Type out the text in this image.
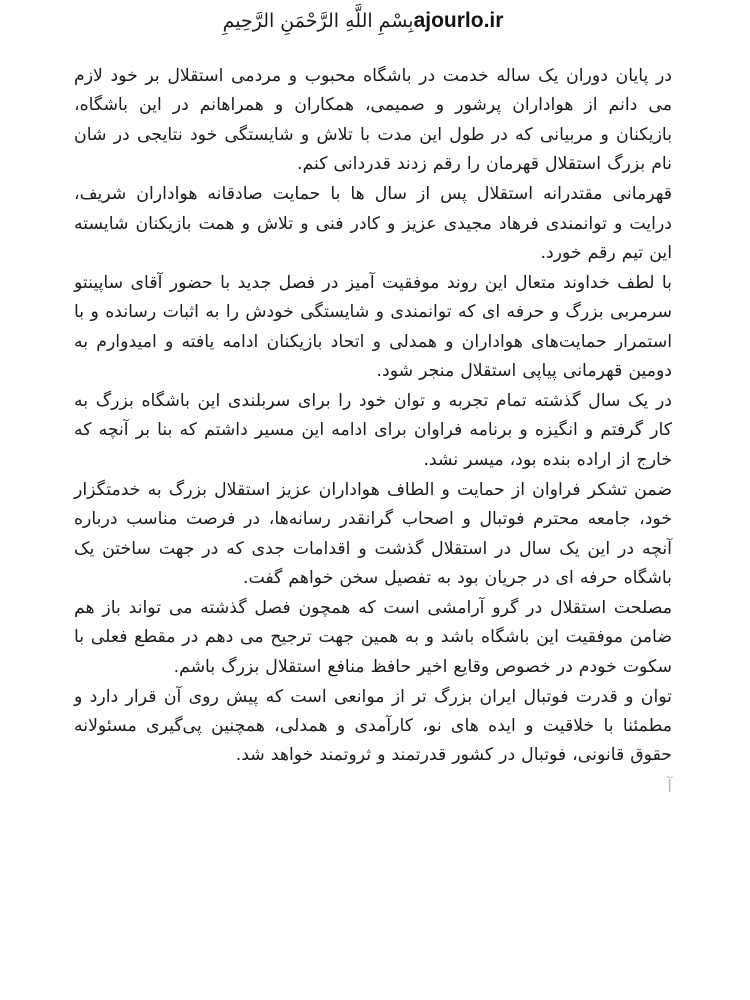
ajourlo.ir
بِسْمِ اللَّهِ الرَّحْمَنِ الرَّحِيمِ

در پایان دوران یک ساله خدمت در باشگاه محبوب و مردمی استقلال بر خود لازم می دانم از هواداران پرشور و صمیمی، همکاران و همراهانم در این باشگاه، بازیکنان و مربیانی که در طول این مدت با تلاش و شایستگی خود نتایجی در شان نام بزرگ استقلال قهرمان را رقم زدند قدردانی کنم.

قهرمانی مقتدرانه استقلال پس از سال ها با حمایت صادقانه هواداران شریف، درایت و توانمندی فرهاد مجیدی عزیز و کادر فنی و تلاش و همت بازیکنان شایسته این تیم رقم خورد.

با لطف خداوند متعال این روند موفقیت آمیز در فصل جدید با حضور آقای ساپینتو سرمربی بزرگ و حرفه ای که توانمندی و شایستگی خودش را به اثبات رسانده و با استمرار حمایت‌های هواداران و همدلی و اتحاد بازیکنان ادامه یافته و امیدوارم به دومین قهرمانی پیاپی استقلال منجر شود.

در یک سال گذشته تمام تجربه و توان خود را برای سربلندی این باشگاه بزرگ به کار گرفتم و انگیزه و برنامه فراوان برای ادامه این مسیر داشتم که بنا بر آنچه که خارج از اراده بنده بود، میسر نشد.

ضمن تشکر فراوان از حمایت و الطاف هواداران عزیز استقلال بزرگ به خدمتگزار خود، جامعه محترم فوتبال و اصحاب گرانقدر رسانه‌ها، در فرصت مناسب درباره آنچه در این یک سال در استقلال گذشت و اقدامات جدی که در جهت ساختن یک باشگاه حرفه ای در جریان بود به تفصیل سخن خواهم گفت.

مصلحت استقلال در گرو آرامشی است که همچون فصل گذشته می تواند باز هم ضامن موفقیت این باشگاه باشد و به همین جهت ترجیح می دهم در مقطع فعلی با سکوت خودم در خصوص وقایع اخیر حافظ منافع استقلال بزرگ باشم.

توان و قدرت فوتبال ایران بزرگ تر از موانعی است که پیش روی آن قرار دارد و مطمئنا با خلاقیت و ایده های نو، کارآمدی و همدلی، همچنین پی‌گیری مسئولانه حقوق قانونی، فوتبال در کشور قدرتمند و ثروتمند خواهد شد.

آ
